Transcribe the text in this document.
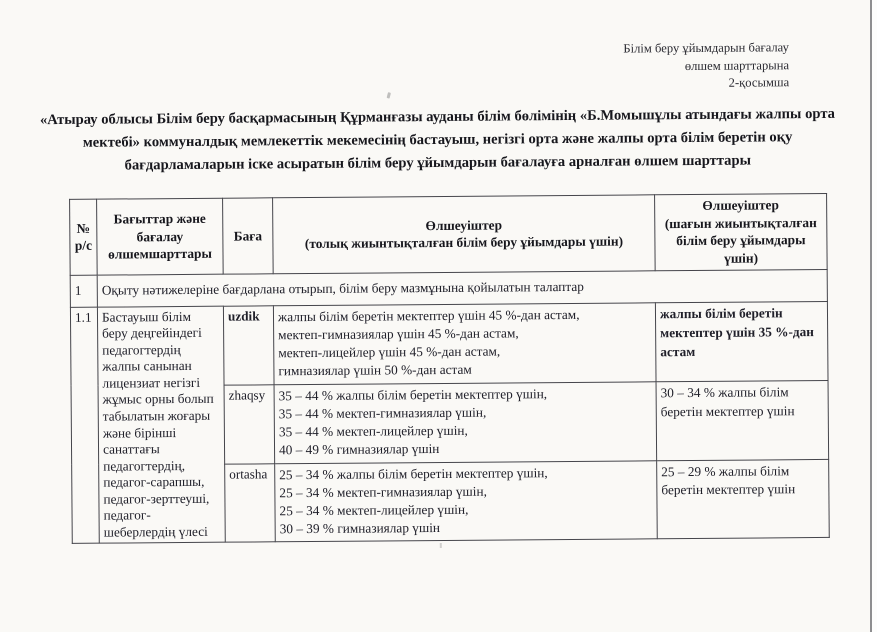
Білім беру ұйымдарын бағалау
өлшем шарттарына
2-қосымша
«Атырау облысы Білім беру басқармасының Құрманғазы ауданы білім бөлімінің «Б.Момышұлы атындағы жалпы орта мектебі» коммуналдық мемлекеттік мекемесінің бастауыш, негізгі орта және жалпы орта білім беретін оқу бағдарламаларын іске асыратын білім беру ұйымдарын бағалауға арналған өлшем шарттары
№
р/с	Бағыттар және
бағалау
өлшемшарттары	Баға	Өлшеуіштер
(толық жиынтықталған білім беру ұйымдары үшін)	Өлшеуіштер
(шағын жиынтықталған
білім беру ұйымдары үшін)
1	Оқыту нәтижелеріне бағдарлана отырып, білім беру мазмұнына қойылатын талаптар			
1.1	Бастауыш білім беру деңгейіндегі педагогтердің жалпы санынан лицензиат негізгі жұмыс орны болып табылатын жоғары және бірінші санаттағы педагогтердің, педагог-сарапшы, педагог-зерттеуші, педагог-шеберлердің үлесі	uzdik	жалпы білім беретін мектептер үшін 45 %-дан астам,
мектеп-гимназиялар үшін 45 %-дан астам,
мектеп-лицейлер үшін 45 %-дан астам,
гимназиялар үшін 50 %-дан астам	жалпы білім беретін мектептер үшін 35 %-дан астам
		zhaqsy	35 – 44 % жалпы білім беретін мектептер үшін,
35 – 44 % мектеп-гимназиялар үшін,
35 – 44 % мектеп-лицейлер үшін,
40 – 49 % гимназиялар үшін	30 – 34 % жалпы білім беретін мектептер үшін
		ortasha	25 – 34 % жалпы білім беретін мектептер үшін,
25 – 34 % мектеп-гимназиялар үшін,
25 – 34 % мектеп-лицейлер үшін,
30 – 39 % гимназиялар үшін	25 – 29 % жалпы білім беретін мектептер үшін
